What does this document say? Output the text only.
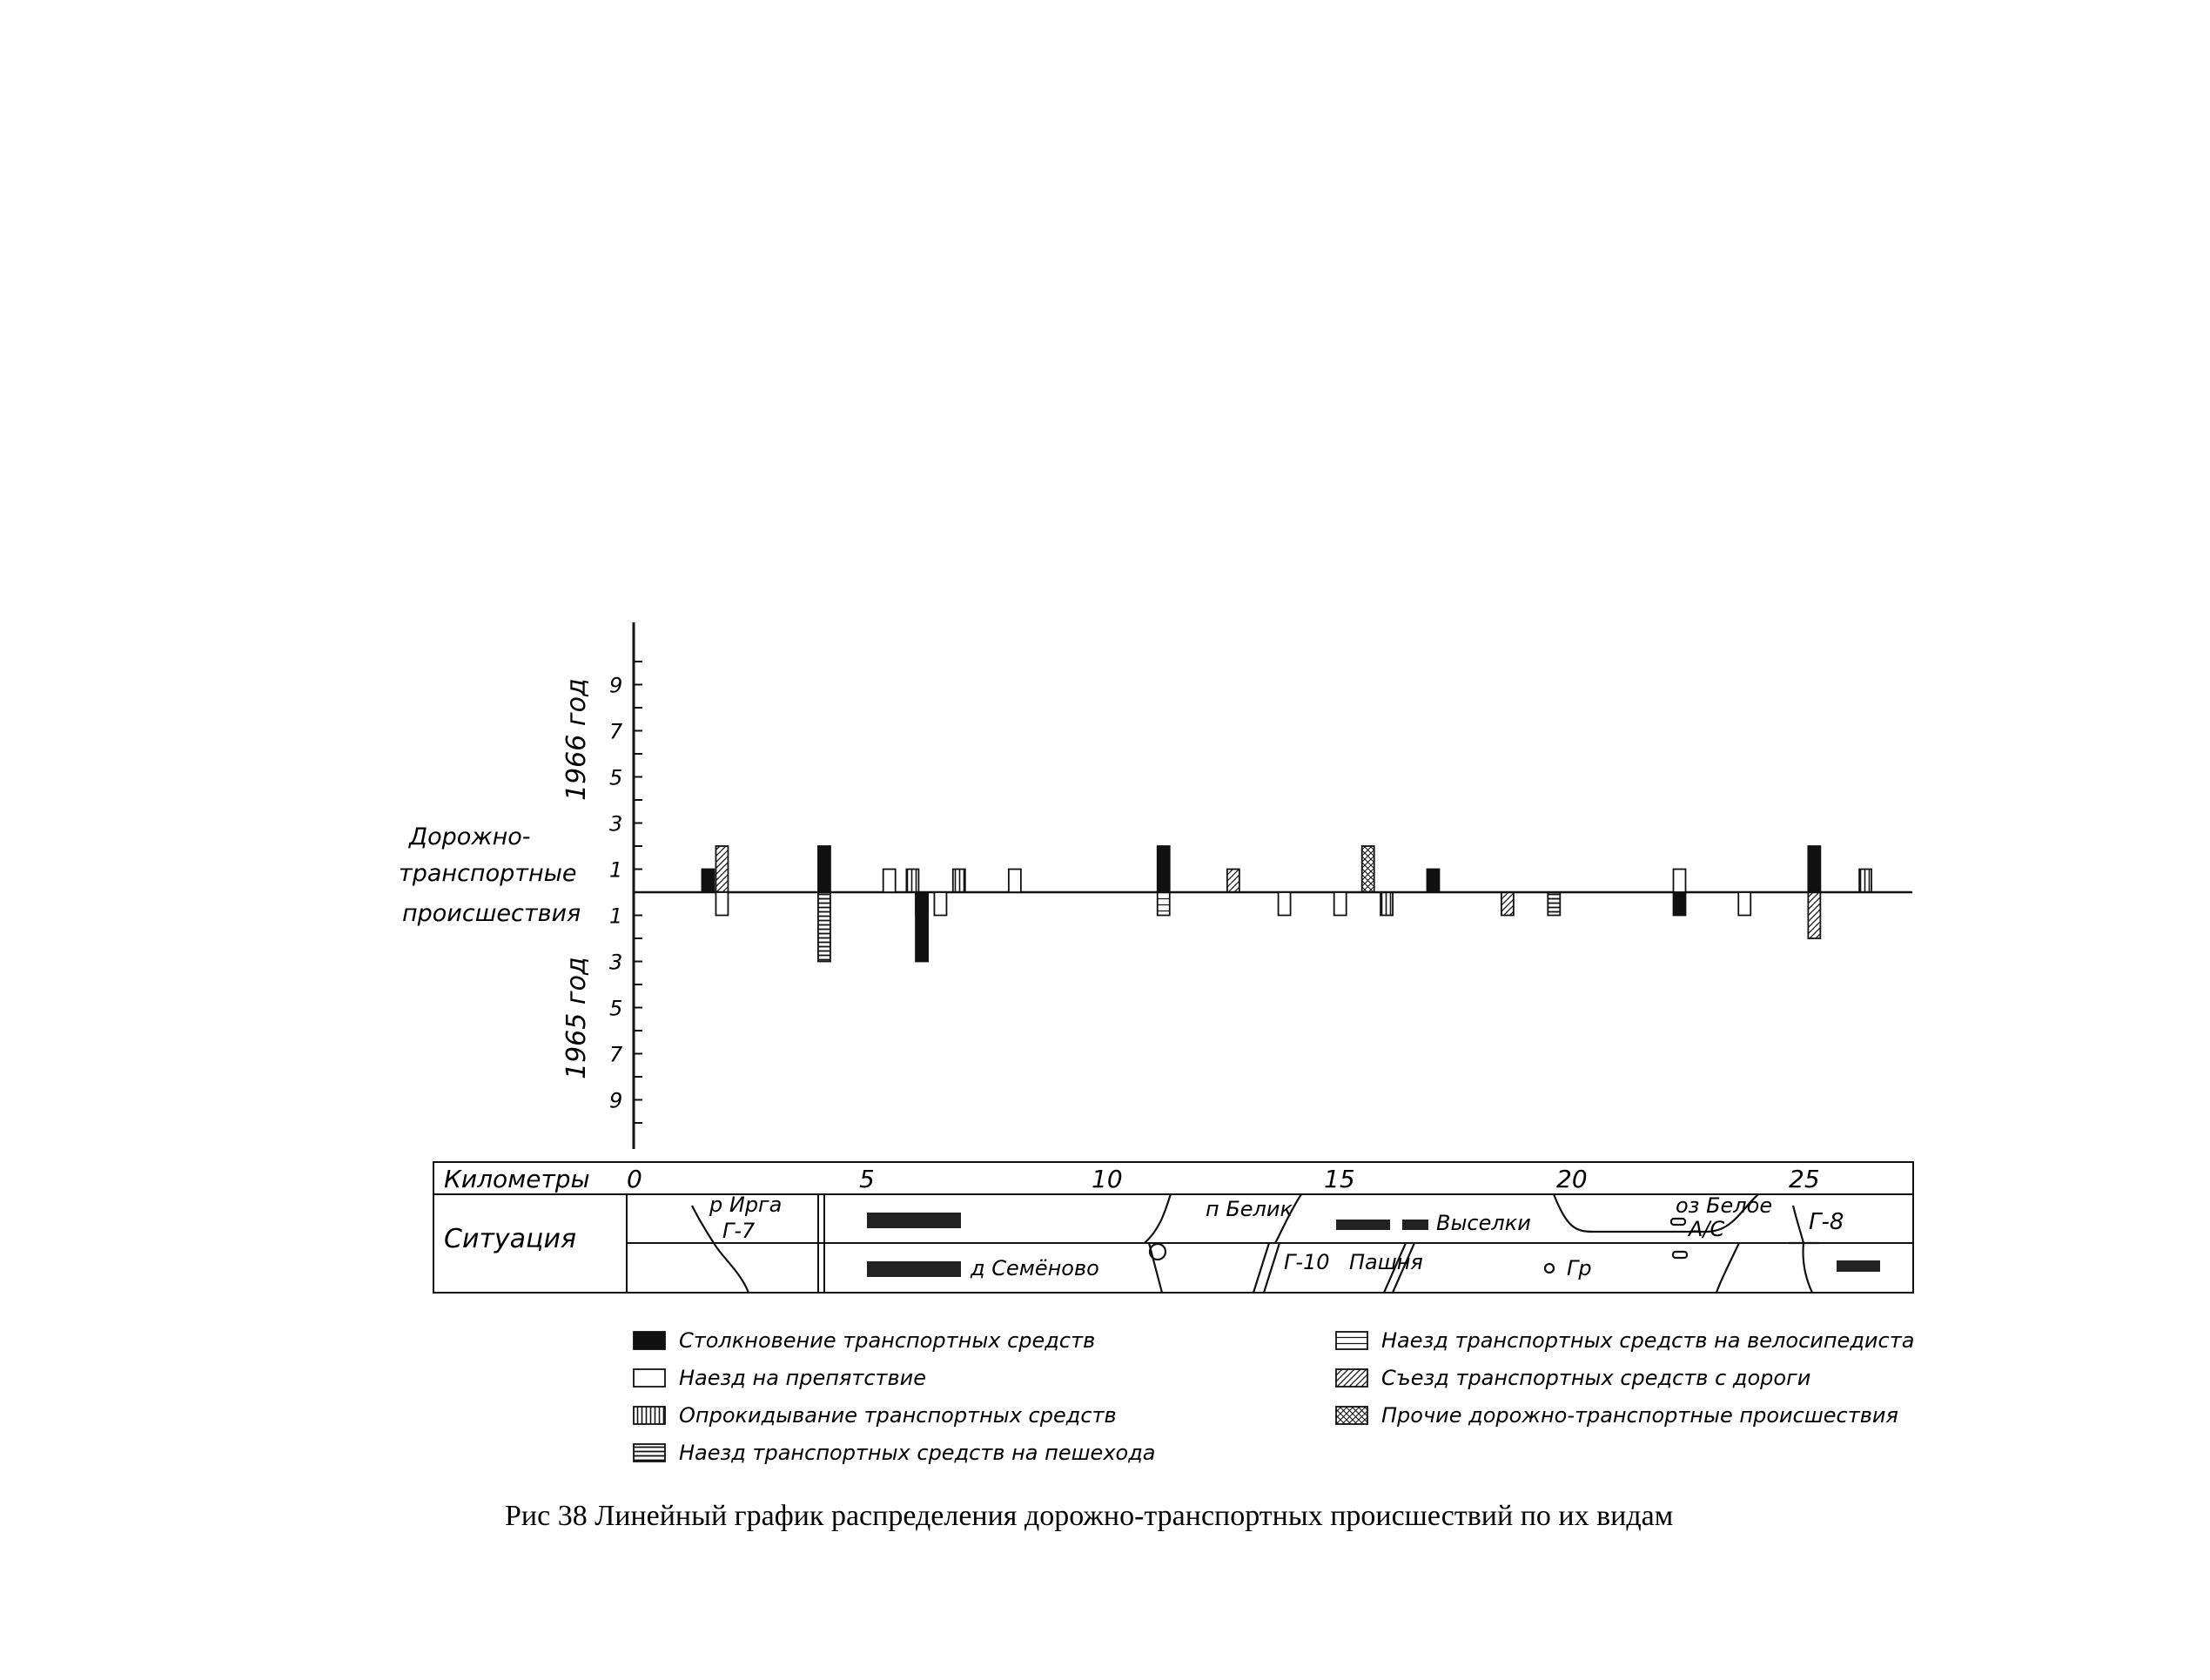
1
3
5
7
9
1
3
5
7
9
1966 год
1965 год
Дорожно-
транспортные
происшествия
Километры
Ситуация
0	5	10	15	20	25
р Ирга
Г-7
д Семёново
п Белик
Г-10 Пашня
Выселки
Гр
оз Белое
А/С	Г-8
Столкновение транспортных средств
Наезд на препятствие
Опрокидывание транспортных средств
Наезд транспортных средств на пешехода
Наезд транспортных средств на велосипедиста
Съезд транспортных средств с дороги
Прочие дорожно-транспортные происшествия
Рис 38 Линейный график распределения дорожно-транспортных происшествий по их видам
